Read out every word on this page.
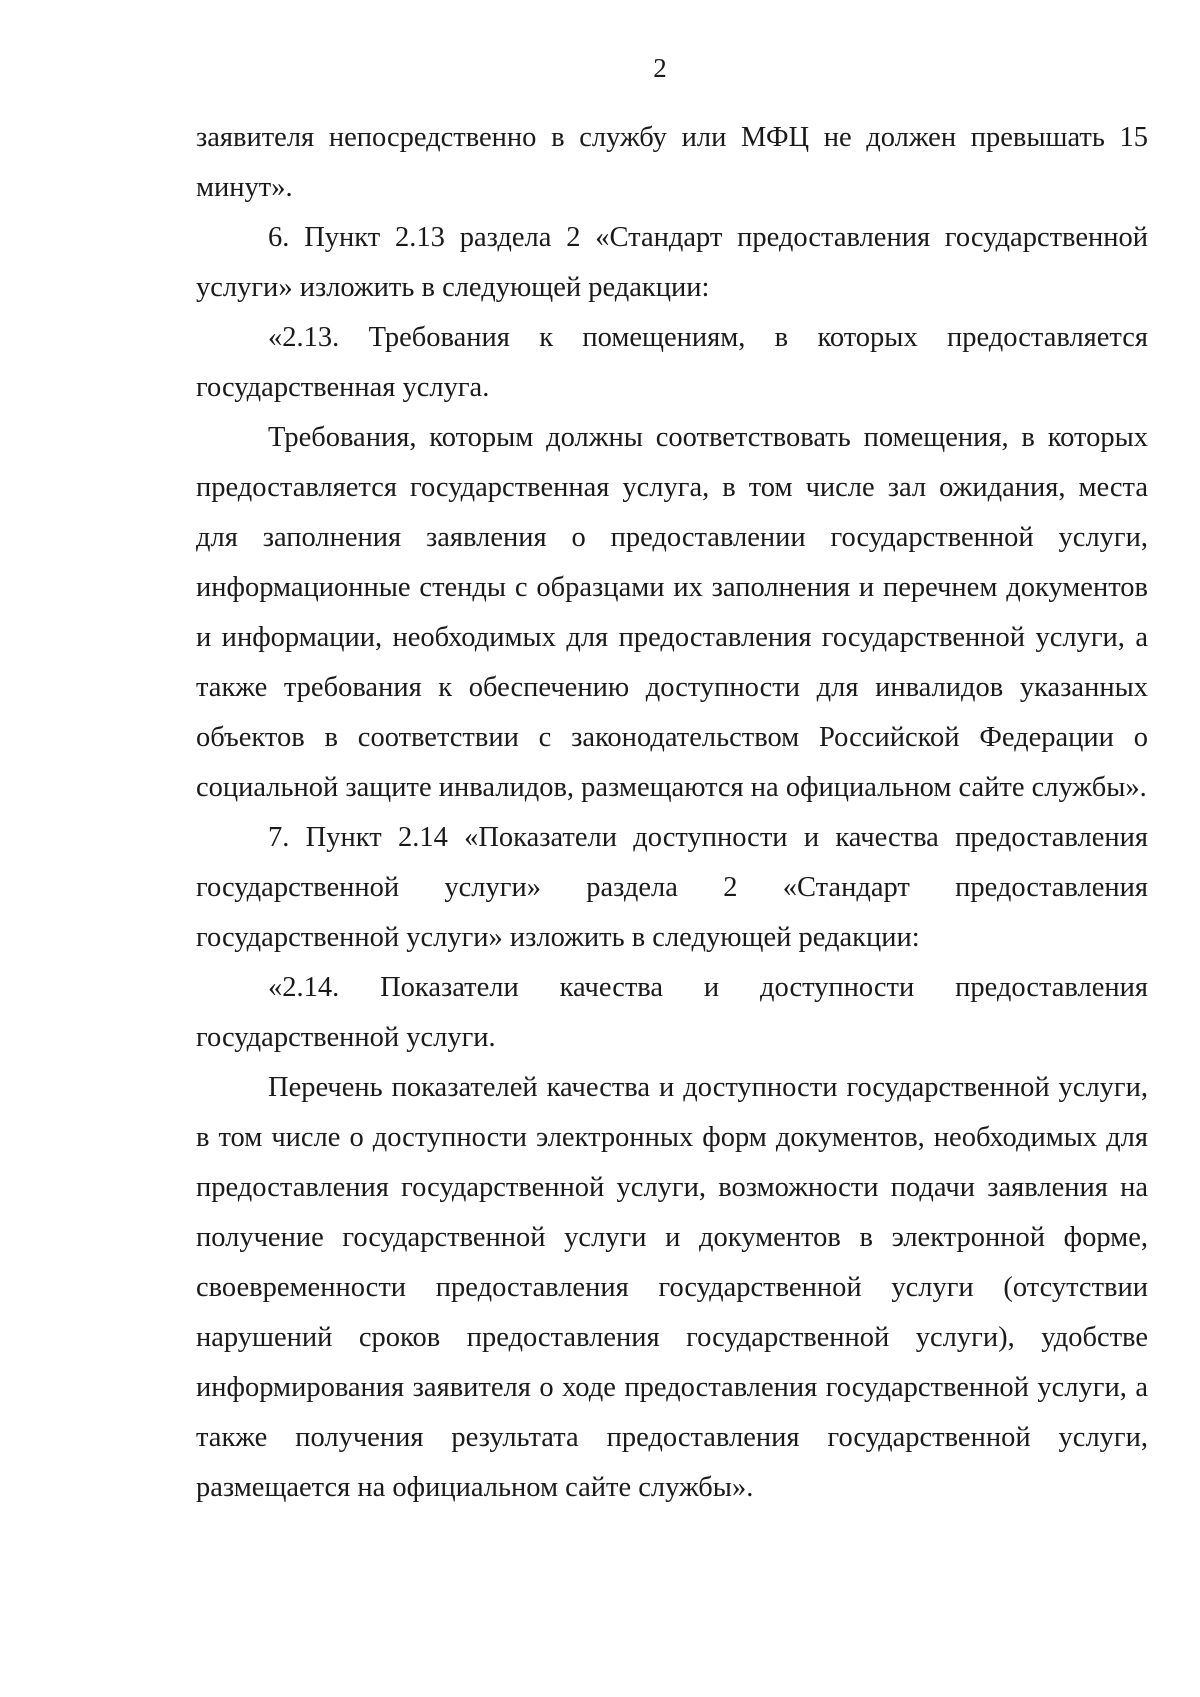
2

заявителя непосредственно в службу или МФЦ не должен превышать 15 минут».

6. Пункт 2.13 раздела 2 «Стандарт предоставления государственной услуги» изложить в следующей редакции:

«2.13. Требования к помещениям, в которых предоставляется государственная услуга.

Требования, которым должны соответствовать помещения, в которых предоставляется государственная услуга, в том числе зал ожидания, места для заполнения заявления о предоставлении государственной услуги, информационные стенды с образцами их заполнения и перечнем документов и информации, необходимых для предоставления государственной услуги, а также требования к обеспечению доступности для инвалидов указанных объектов в соответствии с законодательством Российской Федерации о социальной защите инвалидов, размещаются на официальном сайте службы».

7. Пункт 2.14 «Показатели доступности и качества предоставления государственной услуги» раздела 2 «Стандарт предоставления государственной услуги» изложить в следующей редакции:

«2.14. Показатели качества и доступности предоставления государственной услуги.

Перечень показателей качества и доступности государственной услуги, в том числе о доступности электронных форм документов, необходимых для предоставления государственной услуги, возможности подачи заявления на получение государственной услуги и документов в электронной форме, своевременности предоставления государственной услуги (отсутствии нарушений сроков предоставления государственной услуги), удобстве информирования заявителя о ходе предоставления государственной услуги, а также получения результата предоставления государственной услуги, размещается на официальном сайте службы».
